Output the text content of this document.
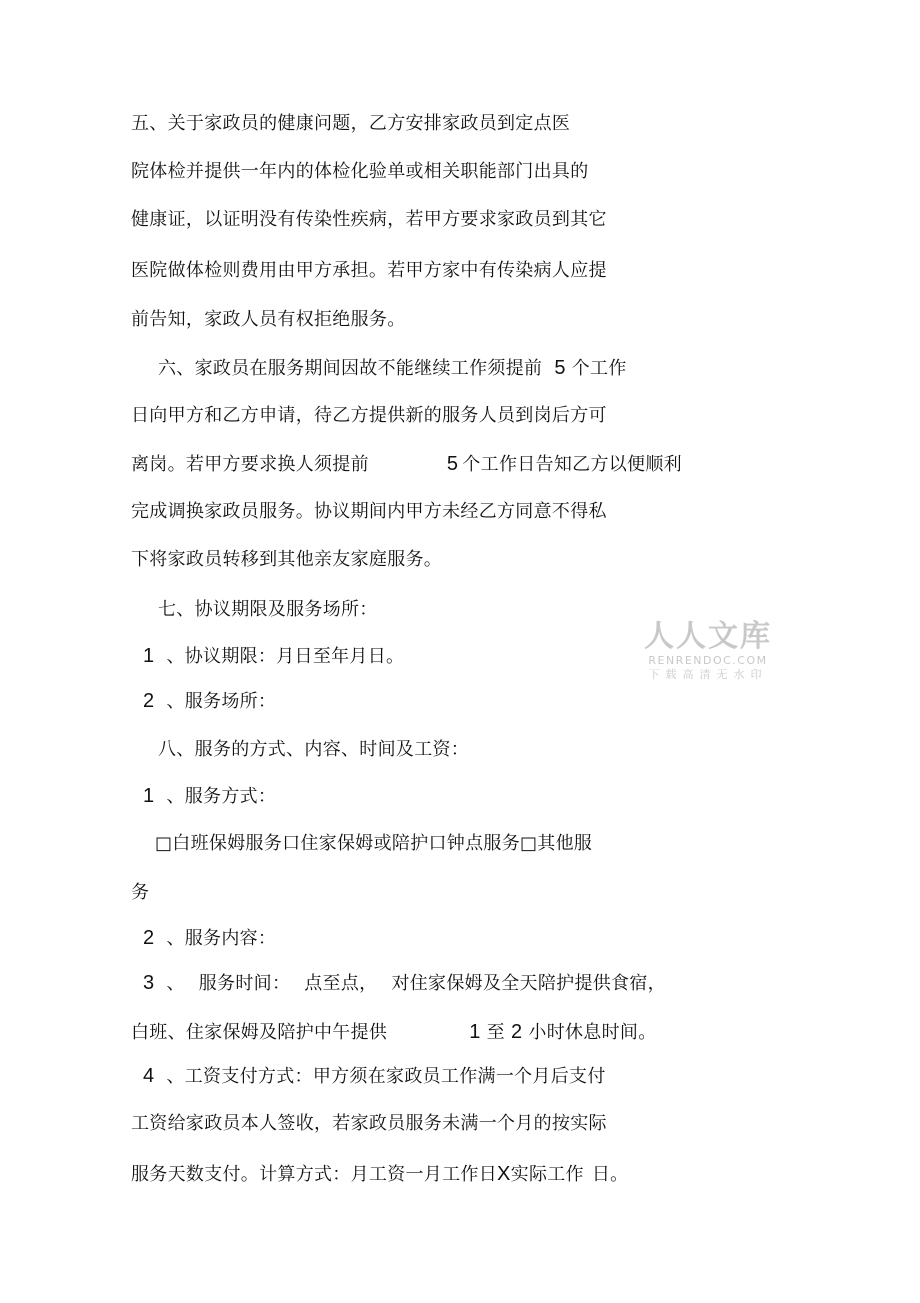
五、关于家政员的健康问题，乙方安排家政员到定点医
院体检并提供一年内的体检化验单或相关职能部门出具的
健康证，以证明没有传染性疾病，若甲方要求家政员到其它
医院做体检则费用由甲方承担。若甲方家中有传染病人应提
前告知，家政人员有权拒绝服务。
六、家政员在服务期间因故不能继续工作须提前 5 个工作
日向甲方和乙方申请，待乙方提供新的服务人员到岗后方可
离岗。若甲方要求换人须提前	5 个工作日告知乙方以便顺利
完成调换家政员服务。协议期间内甲方未经乙方同意不得私
下将家政员转移到其他亲友家庭服务。
七、协议期限及服务场所：
1 、协议期限：月日至年月日。
2 、服务场所：
八、服务的方式、内容、时间及工资：
1 、服务方式：
□白班保姆服务口住家保姆或陪护口钟点服务□其他服
务
2 、服务内容：
3 、 服务时间： 点至点， 对住家保姆及全天陪护提供食宿，
白班、住家保姆及陪护中午提供	1 至 2 小时休息时间。
4 、工资支付方式：甲方须在家政员工作满一个月后支付
工资给家政员本人签收，若家政员服务未满一个月的按实际
服务天数支付。计算方式：月工资一月工作日X实际工作 日。
人人文库
RENRENDOC.COM
下载高清无水印
